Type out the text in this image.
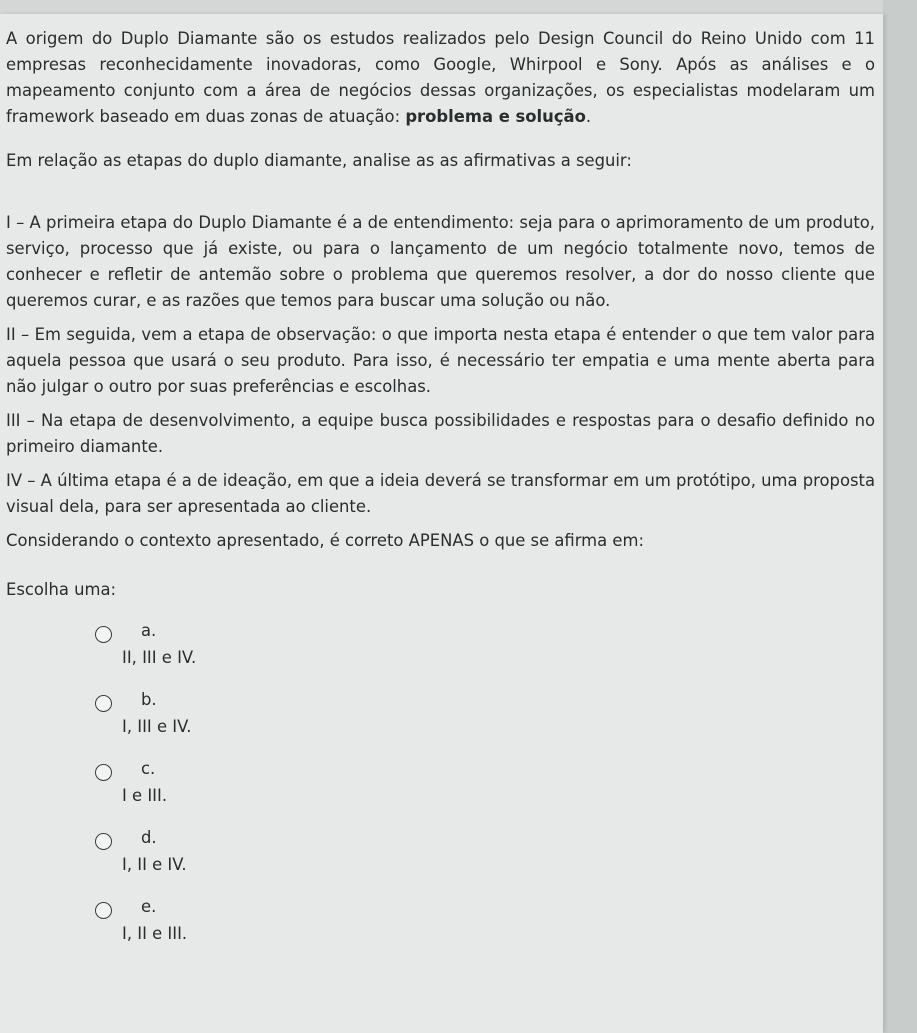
A origem do Duplo Diamante são os estudos realizados pelo Design Council do Reino Unido com 11 empresas reconhecidamente inovadoras, como Google, Whirpool e Sony. Após as análises e o mapeamento conjunto com a área de negócios dessas organizações, os especialistas modelaram um framework baseado em duas zonas de atuação: problema e solução.

Em relação as etapas do duplo diamante, analise as as afirmativas a seguir:

I – A primeira etapa do Duplo Diamante é a de entendimento: seja para o aprimoramento de um produto, serviço, processo que já existe, ou para o lançamento de um negócio totalmente novo, temos de conhecer e refletir de antemão sobre o problema que queremos resolver, a dor do nosso cliente que queremos curar, e as razões que temos para buscar uma solução ou não.

II – Em seguida, vem a etapa de observação: o que importa nesta etapa é entender o que tem valor para aquela pessoa que usará o seu produto. Para isso, é necessário ter empatia e uma mente aberta para não julgar o outro por suas preferências e escolhas.

III – Na etapa de desenvolvimento, a equipe busca possibilidades e respostas para o desafio definido no primeiro diamante.

IV – A última etapa é a de ideação, em que a ideia deverá se transformar em um protótipo, uma proposta visual dela, para ser apresentada ao cliente.

Considerando o contexto apresentado, é correto APENAS o que se afirma em:

Escolha uma:
a.
II, III e IV.
b.
I, III e IV.
c.
I e III.
d.
I, II e IV.
e.
I, II e III.
